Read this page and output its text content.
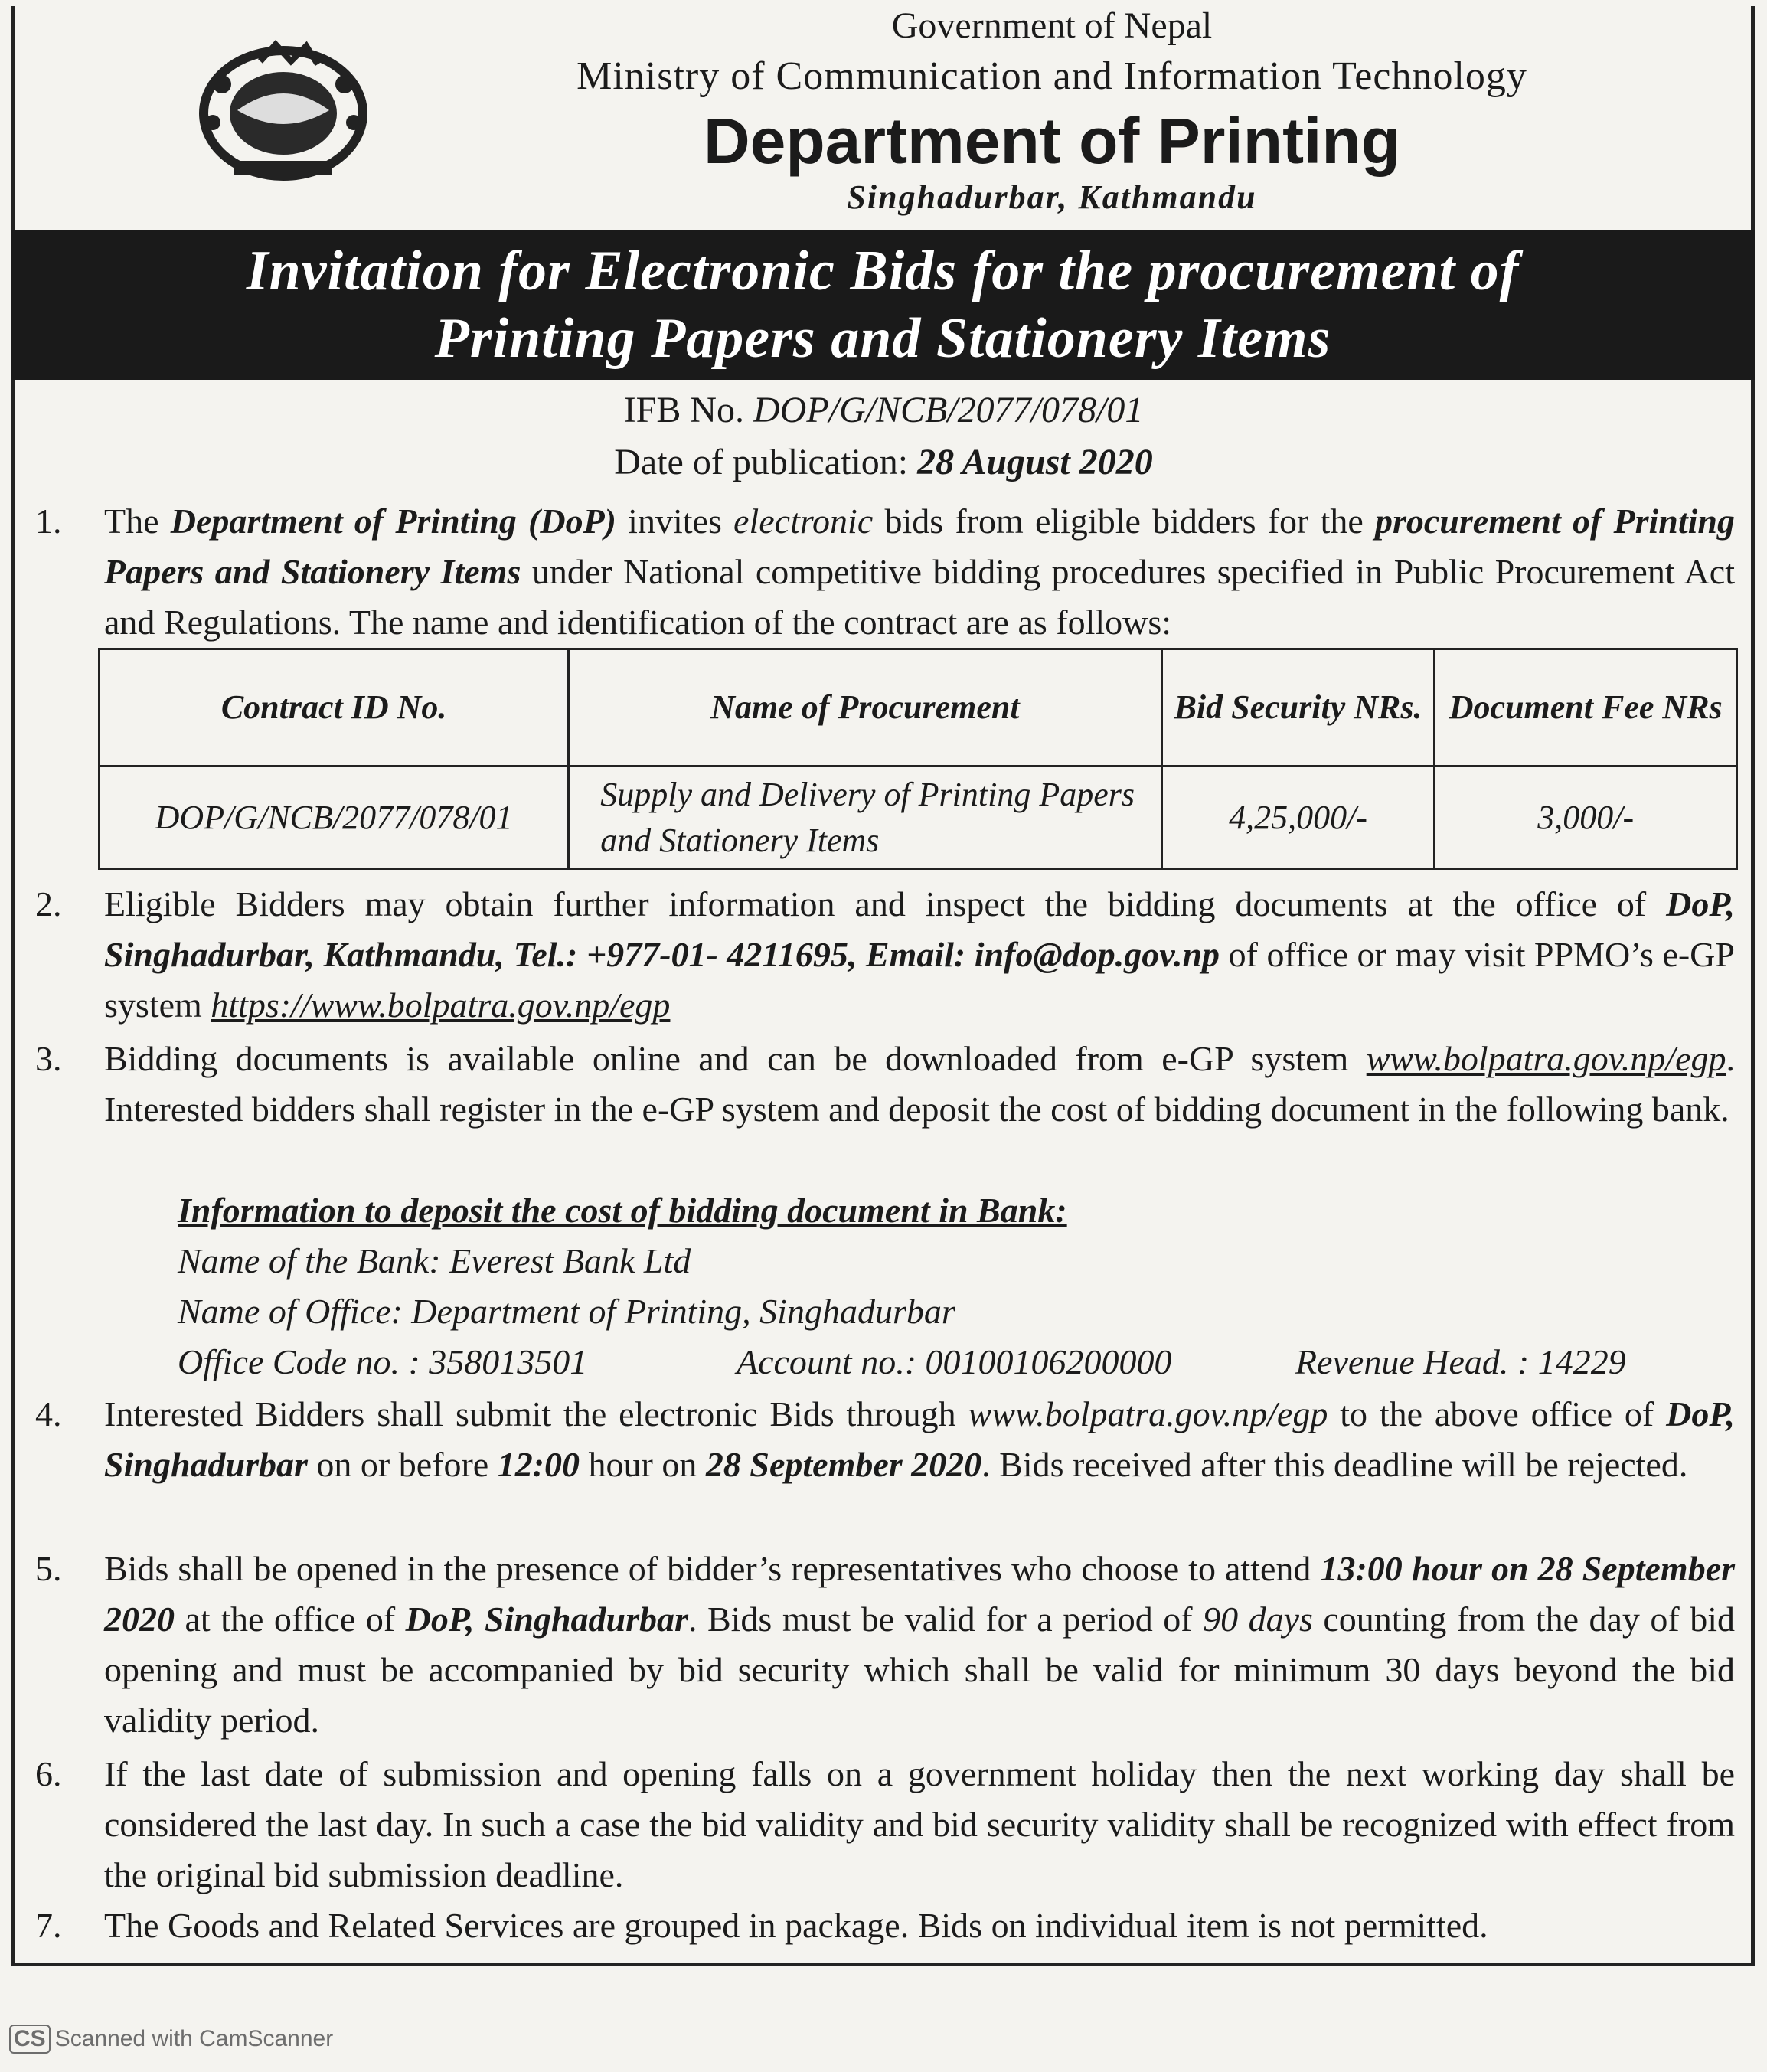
Government of Nepal
Ministry of Communication and Information Technology
Department of Printing
Singhadurbar, Kathmandu
Invitation for Electronic Bids for the procurement of
Printing Papers and Stationery Items
IFB No. DOP/G/NCB/2077/078/01
Date of publication: 28 August 2020
1. The Department of Printing (DoP) invites electronic bids from eligible bidders for the procurement of Printing Papers and Stationery Items under National competitive bidding procedures specified in Public Procurement Act and Regulations. The name and identification of the contract are as follows:
Contract ID No.	Name of Procurement	Bid Security NRs.	Document Fee NRs
DOP/G/NCB/2077/078/01	Supply and Delivery of Printing Papers and Stationery Items	4,25,000/-	3,000/-
2. Eligible Bidders may obtain further information and inspect the bidding documents at the office of DoP, Singhadurbar, Kathmandu, Tel.: +977-01- 4211695, Email: info@dop.gov.np of office or may visit PPMO’s e-GP system https://www.bolpatra.gov.np/egp
3. Bidding documents is available online and can be downloaded from e-GP system www.bolpatra.gov.np/egp. Interested bidders shall register in the e-GP system and deposit the cost of bidding document in the following bank.
Information to deposit the cost of bidding document in Bank:
Name of the Bank: Everest Bank Ltd
Name of Office: Department of Printing, Singhadurbar
Office Code no. : 358013501	Account no.: 00100106200000	Revenue Head. : 14229
4. Interested Bidders shall submit the electronic Bids through www.bolpatra.gov.np/egp to the above office of DoP, Singhadurbar on or before 12:00 hour on 28 September 2020. Bids received after this deadline will be rejected.
5. Bids shall be opened in the presence of bidder’s representatives who choose to attend 13:00 hour on 28 September 2020 at the office of DoP, Singhadurbar. Bids must be valid for a period of 90 days counting from the day of bid opening and must be accompanied by bid security which shall be valid for minimum 30 days beyond the bid validity period.
6. If the last date of submission and opening falls on a government holiday then the next working day shall be considered the last day. In such a case the bid validity and bid security validity shall be recognized with effect from the original bid submission deadline.
7. The Goods and Related Services are grouped in package. Bids on individual item is not permitted.
CS Scanned with CamScanner
